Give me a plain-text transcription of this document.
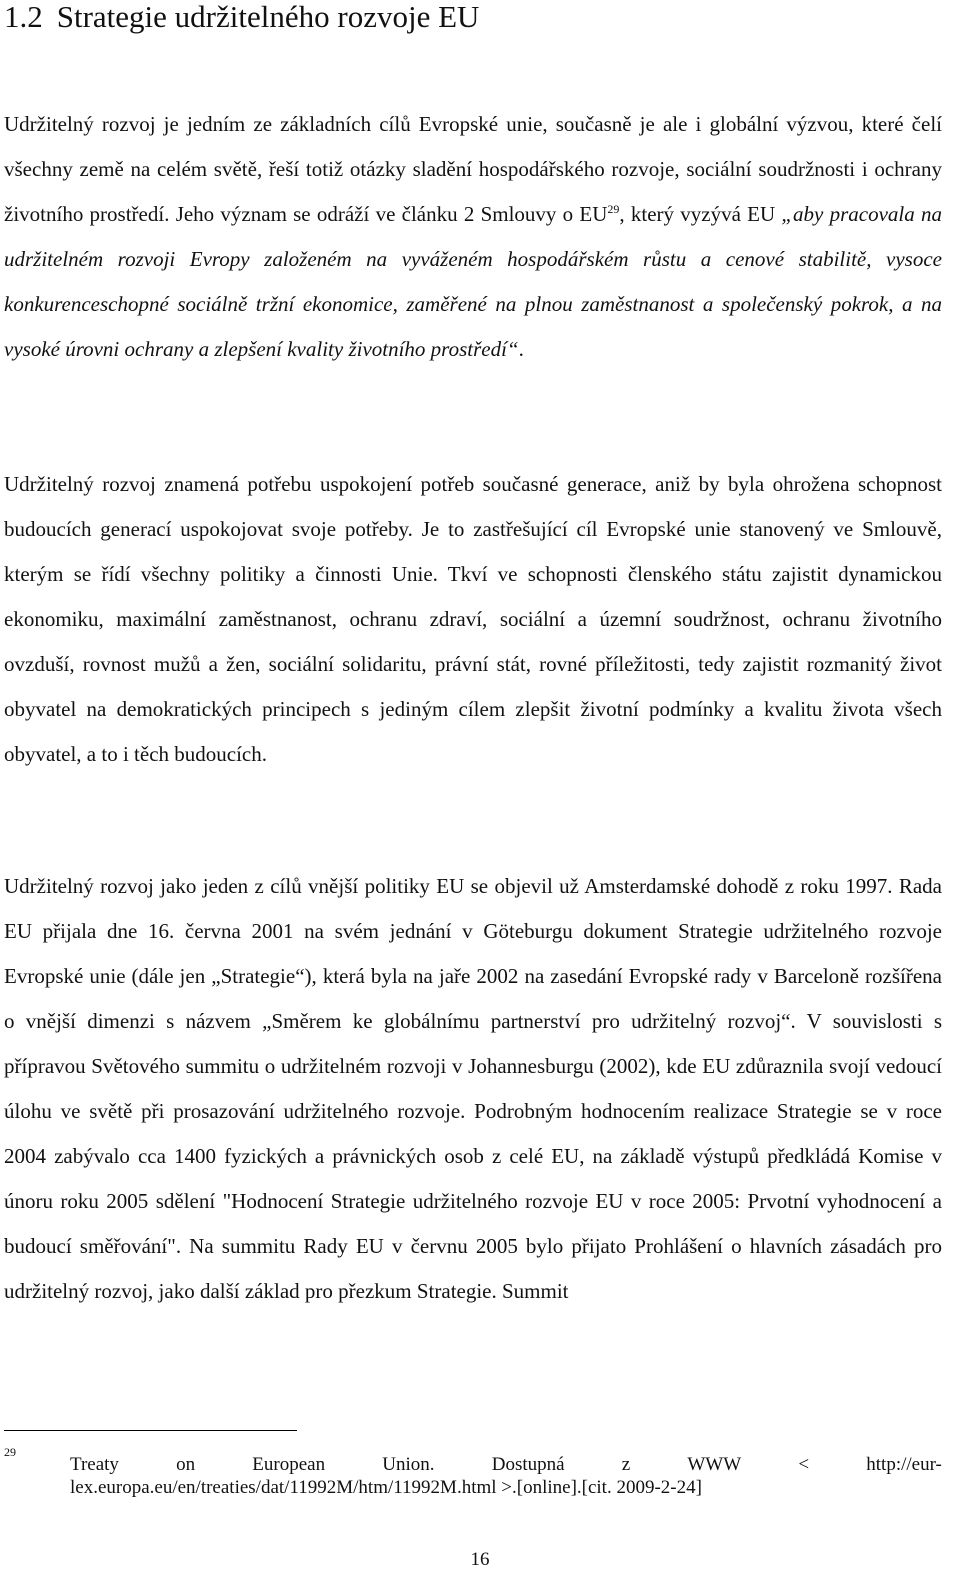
1.2 Strategie udržitelného rozvoje EU

Udržitelný rozvoj je jedním ze základních cílů Evropské unie, současně je ale i globální výzvou, které čelí všechny země na celém světě, řeší totiž otázky sladění hospodářského rozvoje, sociální soudržnosti i ochrany životního prostředí. Jeho význam se odráží ve článku 2 Smlouvy o EU$^{29}$, který vyzývá EU „aby pracovala na udržitelném rozvoji Evropy založeném na vyváženém hospodářském růstu a cenové stabilitě, vysoce konkurenceschopné sociálně tržní ekonomice, zaměřené na plnou zaměstnanost a společenský pokrok, a na vysoké úrovni ochrany a zlepšení kvality životního prostředí“.

Udržitelný rozvoj znamená potřebu uspokojení potřeb současné generace, aniž by byla ohrožena schopnost budoucích generací uspokojovat svoje potřeby. Je to zastřešující cíl Evropské unie stanovený ve Smlouvě, kterým se řídí všechny politiky a činnosti Unie. Tkví ve schopnosti členského státu zajistit dynamickou ekonomiku, maximální zaměstnanost, ochranu zdraví, sociální a územní soudržnost, ochranu životního ovzduší, rovnost mužů a žen, sociální solidaritu, právní stát, rovné příležitosti, tedy zajistit rozmanitý život obyvatel na demokratických principech s jediným cílem zlepšit životní podmínky a kvalitu života všech obyvatel, a to i těch budoucích.

Udržitelný rozvoj jako jeden z cílů vnější politiky EU se objevil už Amsterdamské dohodě z roku 1997. Rada EU přijala dne 16. června 2001 na svém jednání v Göteburgu dokument Strategie udržitelného rozvoje Evropské unie (dále jen „Strategie“), která byla na jaře 2002 na zasedání Evropské rady v Barceloně rozšířena o vnější dimenzi s názvem „Směrem ke globálnímu partnerství pro udržitelný rozvoj“. V souvislosti s přípravou Světového summitu o udržitelném rozvoji v Johannesburgu (2002), kde EU zdůraznila svojí vedoucí úlohu ve světě při prosazování udržitelného rozvoje. Podrobným hodnocením realizace Strategie se v roce 2004 zabývalo cca 1400 fyzických a právnických osob z celé EU, na základě výstupů předkládá Komise v únoru roku 2005 sdělení "Hodnocení Strategie udržitelného rozvoje EU v roce 2005: Prvotní vyhodnocení a budoucí směřování". Na summitu Rady EU v červnu 2005 bylo přijato Prohlášení o hlavních zásadách pro udržitelný rozvoj, jako další základ pro přezkum Strategie. Summit

29
Treaty	on	European	Union.	Dostupná	z	WWW	<	http://eur-
lex.europa.eu/en/treaties/dat/11992M/htm/11992M.html >.[online].[cit. 2009-2-24]
16
